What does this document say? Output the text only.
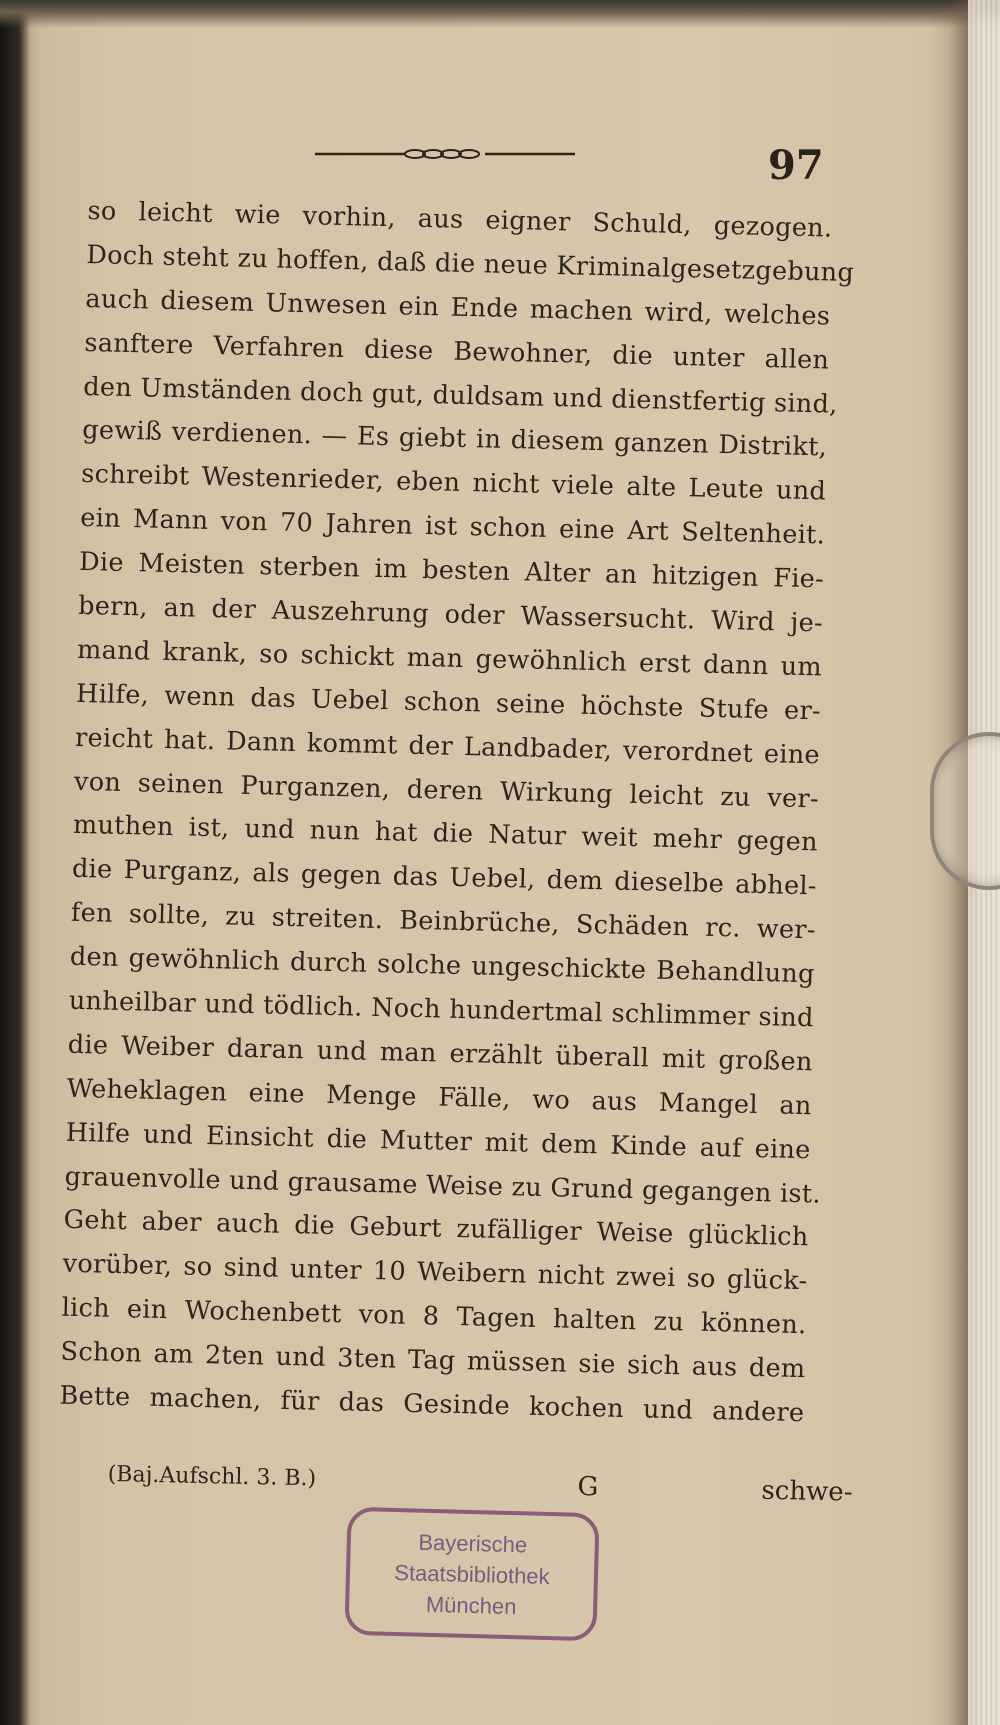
97
so leicht wie vorhin, aus eigner Schuld, gezogen.
Doch steht zu hoffen, daß die neue Kriminalgesetzgebung
auch diesem Unwesen ein Ende machen wird, welches
sanftere Verfahren diese Bewohner, die unter allen
den Umständen doch gut, duldsam und dienstfertig sind,
gewiß verdienen. — Es giebt in diesem ganzen Distrikt,
schreibt Westenrieder, eben nicht viele alte Leute und
ein Mann von 70 Jahren ist schon eine Art Seltenheit.
Die Meisten sterben im besten Alter an hitzigen Fie-
bern, an der Auszehrung oder Wassersucht. Wird je-
mand krank, so schickt man gewöhnlich erst dann um
Hilfe, wenn das Uebel schon seine höchste Stufe er-
reicht hat. Dann kommt der Landbader, verordnet eine
von seinen Purganzen, deren Wirkung leicht zu ver-
muthen ist, und nun hat die Natur weit mehr gegen
die Purganz, als gegen das Uebel, dem dieselbe abhel-
fen sollte, zu streiten. Beinbrüche, Schäden rc. wer-
den gewöhnlich durch solche ungeschickte Behandlung
unheilbar und tödlich. Noch hundertmal schlimmer sind
die Weiber daran und man erzählt überall mit großen
Weheklagen eine Menge Fälle, wo aus Mangel an
Hilfe und Einsicht die Mutter mit dem Kinde auf eine
grauenvolle und grausame Weise zu Grund gegangen ist.
Geht aber auch die Geburt zufälliger Weise glücklich
vorüber, so sind unter 10 Weibern nicht zwei so glück-
lich ein Wochenbett von 8 Tagen halten zu können.
Schon am 2ten und 3ten Tag müssen sie sich aus dem
Bette machen, für das Gesinde kochen und andere
(Baj.Aufschl. 3. B.)	G	schwe-
Bayerische
Staatsbibliothek
München
